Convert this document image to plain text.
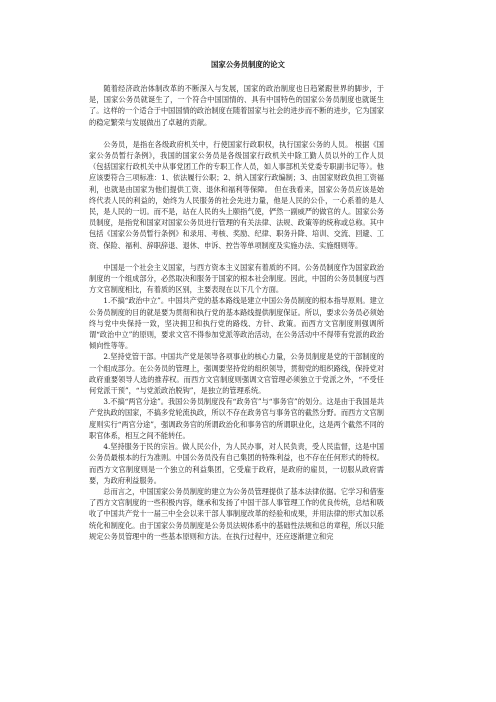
国家公务员制度的论文

随着经济政治体制改革的不断深入与发展，国家的政治制度也日趋紧跟世界的脚步，于是，国家公务员就诞生了，一个符合中国国情的、具有中国特色的国家公务员制度也就诞生了。这样的一个适合于中国国情的政治制度在随着国家与社会的进步而不断的进步，它为国家的稳定繁荣与发展做出了卓越的贡献。

公务员，是指在各级政府机关中，行使国家行政职权，执行国家公务的人员。 根据《国家公务员暂行条例》，我国的国家公务员是各级国家行政机关中除工勤人员以外的工作人员（包括国家行政机关中从事党团工作的专职工作人员，如人事部机关党委专职副书记等）。他应该要符合三项标准：1、依法履行公职；2、纳入国家行政编制；3、由国家财政负担工资福利，也就是由国家为他们提供工资、退休和福利等保障。 但在我看来，国家公务员应该是始终代表人民的利益的，始终为人民服务的社会先进力量，他是人民的公仆，一心系着的是人民，是人民的一切。而不是，站在人民的头上颐指气使，俨然一副威严的做官的人。国家公务员制度，是指党和国家对国家公务员进行管理的有关法律、法规、政策等的统称或总称。其中包括《国家公务员暂行条例》和录用、考核、奖励、纪律、职务升降、培训、交流、回避、工资、保险、福利、辞职辞退、退休、申诉、控告等单项制度及实施办法、实施细则等。

中国是一个社会主义国家，与西方资本主义国家有着质的不同。公务员制度作为国家政治制度的一个组成部分，必然取决和服务于国家的根本社会制度。因此，中国的公务员制度与西方文官制度相比，有着质的区别，主要表现在以下几个方面。

1.不搞“政治中立”。中国共产党的基本路线是建立中国公务员制度的根本指导原则。建立公务员制度的目的就是要为贯彻和执行党的基本路线提供制度保证。所以，要求公务员必须始终与党中央保持一致，坚决拥卫和执行党的路线、方针、政策。而西方文官制度则强调所谓“政治中立”的原则，要求文官不得参加党派等政治活动，在公务活动中不得带有党派的政治倾向性等等。

2.坚持党管干部。中国共产党是领导各项事业的核心力量，公务员制度是党的干部制度的一个组成部分。在公务员的管理上，强调要坚持党的组织领导，贯彻党的组织路线，保持党对政府重要领导人选的推荐权。而西方文官制度则强调文官管理必须独立于党派之外，“不受任何党派干预”，“与党派政治脱钩”，是独立的管理系统。

3.不搞“两官分途”。我国公务员制度没有“政务官”与“事务官”的划分。这是由于我国是共产党执政的国家，不搞多党轮流执政，所以不存在政务官与事务官的截然分野。而西方文官制度则实行“两官分途”，强调政务官的所谓政治化和事务官的所谓职业化，这是两个截然不同的职官体系，相互之间不能转任。

4.坚持服务于民的宗旨。做人民公仆，为人民办事，对人民负责，受人民监督，这是中国公务员最根本的行为准则。中国公务员没有自己集团的特殊利益，也不存在任何形式的特权。而西方文官制度则是一个独立的利益集团，它受雇于政府，是政府的雇员，一切服从政府需要，为政府利益服务。

总而言之，中国国家公务员制度的建立为公务员管理提供了基本法律依据。它学习和借鉴了西方文官制度的一些积极内容，继承和发扬了中国干部人事管理工作的优良传统，总结和吸收了中国共产党十一届三中全会以来干部人事制度改革的经验和成果，并用法律的形式加以系统化和制度化。由于国家公务员制度是公务员法规体系中的基础性法规和总的章程，所以只能规定公务员管理中的一些基本原则和方法。在执行过程中，还应逐渐建立和完
